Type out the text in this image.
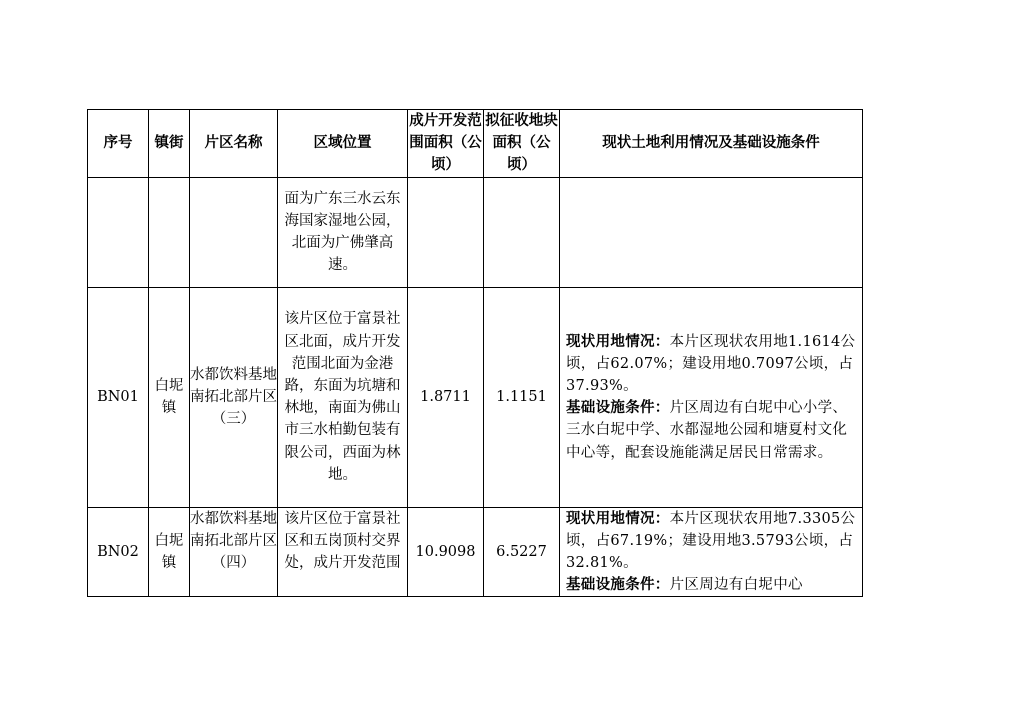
序号	镇街	片区名称	区域位置	成片开发范围面积（公顷）	拟征收地块面积（公顷）	现状土地利用情况及基础设施条件
			面为广东三水云东海国家湿地公园，北面为广佛肇高速。			
BN01	白坭镇	水都饮料基地南拓北部片区（三）	该片区位于富景社区北面，成片开发范围北面为金港路，东面为坑塘和林地，南面为佛山市三水柏勤包装有限公司，西面为林地。	1.8711	1.1151	现状用地情况：本片区现状农用地1.1614公顷，占62.07%；建设用地0.7097公顷，占37.93%。
基础设施条件：片区周边有白坭中心小学、三水白坭中学、水都湿地公园和塘夏村文化中心等，配套设施能满足居民日常需求。
BN02	白坭镇	水都饮料基地南拓北部片区（四）	该片区位于富景社区和五岗顶村交界处，成片开发范围	10.9098	6.5227	现状用地情况：本片区现状农用地7.3305公顷，占67.19%；建设用地3.5793公顷，占32.81%。
基础设施条件：片区周边有白坭中心
